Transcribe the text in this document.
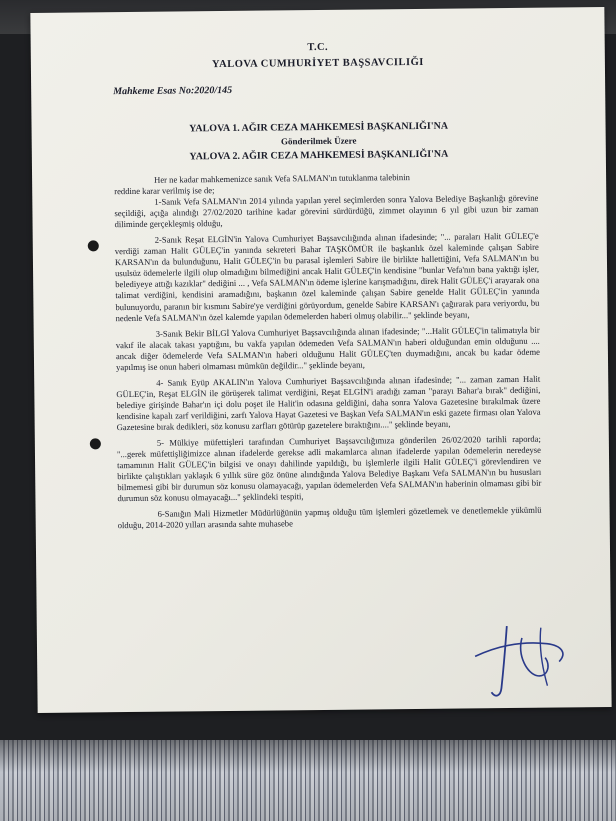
T.C.
YALOVA CUMHURİYET BAŞSAVCILIĞI
Mahkeme Esas No:2020/145
YALOVA 1. AĞIR CEZA MAHKEMESİ BAŞKANLIĞI'NA
Gönderilmek Üzere
YALOVA 2. AĞIR CEZA MAHKEMESİ BAŞKANLIĞI'NA

Her ne kadar mahkemenizce sanık Vefa SALMAN'ın tutuklanma talebinin

reddine karar verilmiş ise de;

1-Sanık Vefa SALMAN'ın 2014 yılında yapılan yerel seçimlerden sonra Yalova Belediye Başkanlığı görevine seçildiği, açığa alındığı 27/02/2020 tarihine kadar görevini sürdürdüğü, zimmet olayının 6 yıl gibi uzun bir zaman diliminde gerçekleşmiş olduğu,

2-Sanık Reşat ELGİN'in Yalova Cumhuriyet Başsavcılığında alınan ifadesinde; "... paraları Halit GÜLEÇ'e verdiği zaman Halit GÜLEÇ'in yanında sekreteri Bahar TAŞKÖMÜR ile başkanlık özel kaleminde çalışan Sabire KARSAN'ın da bulunduğunu, Halit GÜLEÇ'in bu parasal işlemleri Sabire ile birlikte hallettiğini, Vefa SALMAN'ın bu usulsüz ödemelerle ilgili olup olmadığını bilmediğini ancak Halit GÜLEÇ'in kendisine "bunlar Vefa'nın bana yaktığı işler, belediyeye attığı kazıklar" dediğini ... , Vefa SALMAN'ın ödeme işlerine karışmadığını, direk Halit GÜLEÇ'i arayarak ona talimat verdiğini, kendisini aramadığını, başkanın özel kaleminde çalışan Sabire genelde Halit GÜLEÇ'in yanında bulunuyordu, paranın bir kısmını Sabire'ye verdiğini görüyordum, genelde Sabire KARSAN'ı çağırarak para veriyordu, bu nedenle Vefa SALMAN'ın özel kalemde yapılan ödemelerden haberi olmuş olabilir..." şeklinde beyanı,

3-Sanık Bekir BİLGİ Yalova Cumhuriyet Başsavcılığında alınan ifadesinde; "...Halit GÜLEÇ'in talimatıyla bir vakıf ile alacak takası yaptığını, bu vakfa yapılan ödemeden Vefa SALMAN'ın haberi olduğundan emin olduğunu .... ancak diğer ödemelerde Vefa SALMAN'ın haberi olduğunu Halit GÜLEÇ'ten duymadığını, ancak bu kadar ödeme yapılmış ise onun haberi olmaması mümkün değildir..." şeklinde beyanı,

4- Sanık Eyüp AKALIN'ın Yalova Cumhuriyet Başsavcılığında alınan ifadesinde; "... zaman zaman Halit GÜLEÇ'in, Reşat ELGİN ile görüşerek talimat verdiğini, Reşat ELGİN'i aradığı zaman "parayı Bahar'a bırak" dediğini, belediye girişinde Bahar'ın içi dolu poşet ile Halit'in odasına geldiğini, daha sonra Yalova Gazetesine bırakılmak üzere kendisine kapalı zarf verildiğini, zarfı Yalova Hayat Gazetesi ve Başkan Vefa SALMAN'ın eski gazete firması olan Yalova Gazetesine bırak dedikleri, söz konusu zarfları götürüp gazetelere bıraktığını...." şeklinde beyanı,

5- Mülkiye müfettişleri tarafından Cumhuriyet Başsavcılığımıza gönderilen 26/02/2020 tarihli raporda; "...gerek müfettişliğimizce alınan ifadelerde gerekse adli makamlarca alınan ifadelerde yapılan ödemelerin neredeyse tamamının Halit GÜLEÇ'in bilgisi ve onayı dahilinde yapıldığı, bu işlemlerle ilgili Halit GÜLEÇ'i görevlendiren ve birlikte çalıştıkları yaklaşık 6 yıllık süre göz önüne alındığında Yalova Belediye Başkanı Vefa SALMAN'ın bu hususları bilmemesi gibi bir durumun söz konusu olamayacağı, yapılan ödemelerden Vefa SALMAN'ın haberinin olmaması gibi bir durumun söz konusu olmayacağı..." şeklindeki tespiti,

6-Sanığın Mali Hizmetler Müdürlüğünün yapmış olduğu tüm işlemleri gözetlemek ve denetlemekle yükümlü olduğu, 2014-2020 yılları arasında sahte muhasebe
